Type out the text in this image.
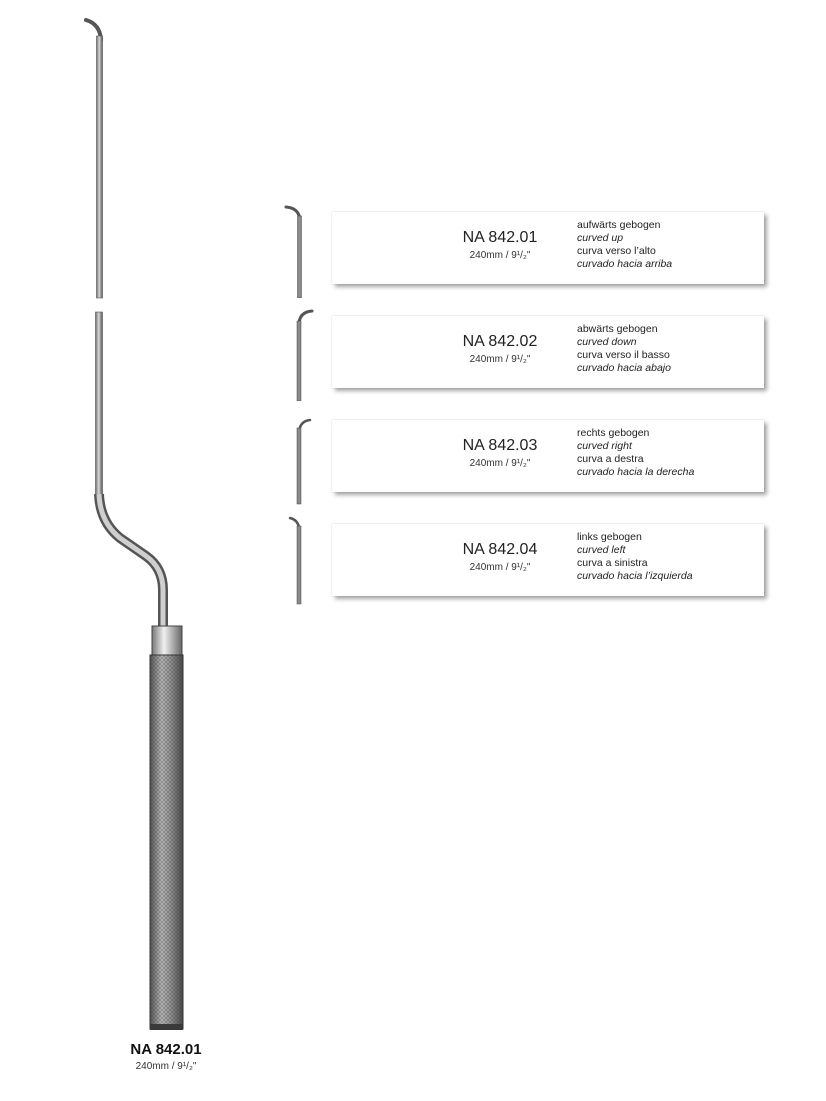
NA 842.01
240mm / 9¹/₂"
aufwärts gebogen
curved up
curva verso l’alto
curvado hacia arriba
NA 842.02
240mm / 9¹/₂"
abwärts gebogen
curved down
curva verso il basso
curvado hacia abajo
NA 842.03
240mm / 9¹/₂"
rechts gebogen
curved right
curva a destra
curvado hacia la derecha
NA 842.04
240mm / 9¹/₂"
links gebogen
curved left
curva a sinistra
curvado hacia l’izquierda
NA 842.01
240mm / 9¹/₂"
